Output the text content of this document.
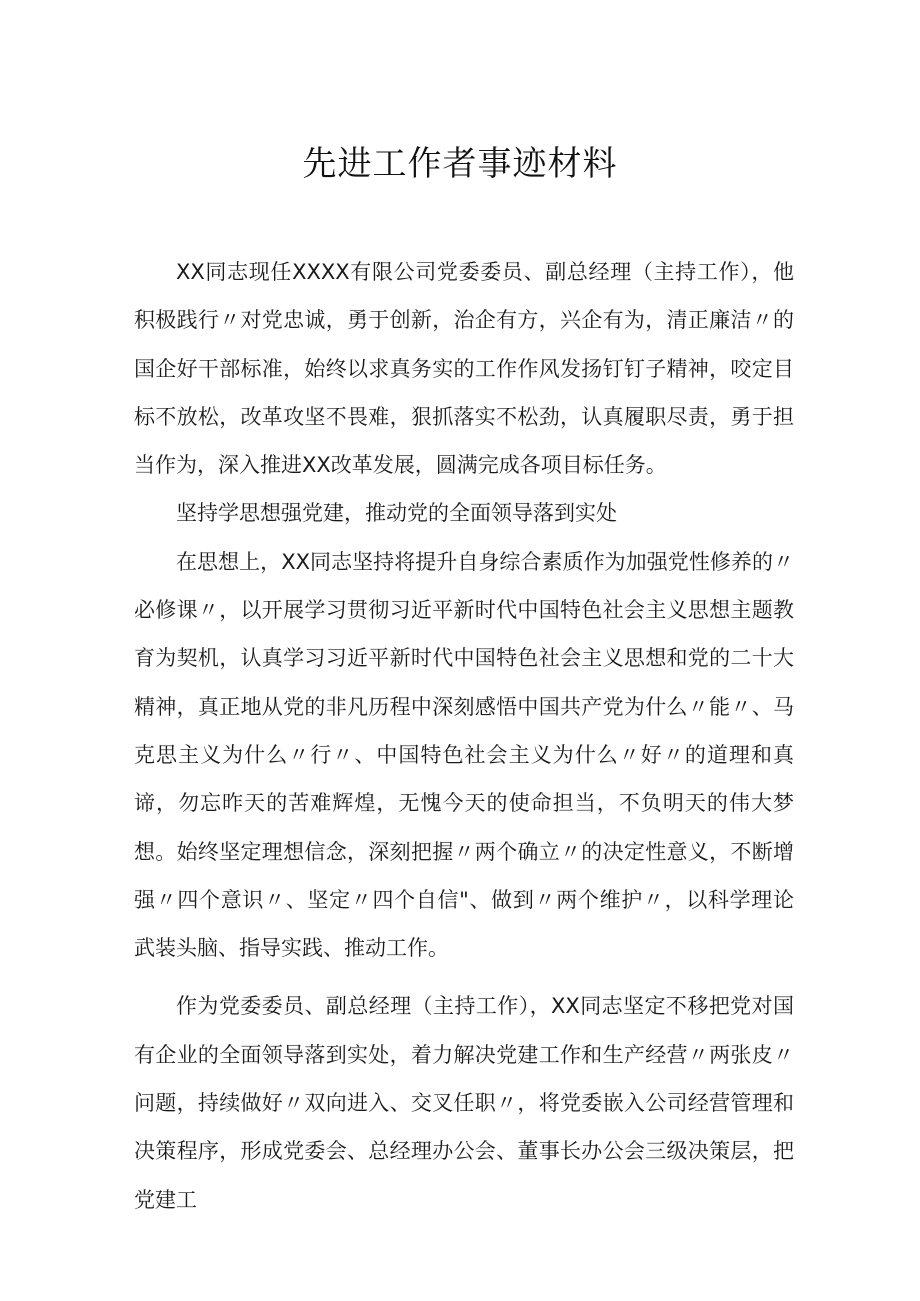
先进工作者事迹材料

XX同志现任XXXX有限公司党委委员、副总经理（主持工作），他积极践行〃对党忠诚，勇于创新，治企有方，兴企有为，清正廉洁〃的国企好干部标准，始终以求真务实的工作作风发扬钉钉子精神，咬定目标不放松，改革攻坚不畏难，狠抓落实不松劲，认真履职尽责，勇于担当作为，深入推进XX改革发展，圆满完成各项目标任务。

坚持学思想强党建，推动党的全面领导落到实处

在思想上，XX同志坚持将提升自身综合素质作为加强党性修养的〃必修课〃，以开展学习贯彻习近平新时代中国特色社会主义思想主题教育为契机，认真学习习近平新时代中国特色社会主义思想和党的二十大精神，真正地从党的非凡历程中深刻感悟中国共产党为什么〃能〃、马克思主义为什么〃行〃、中国特色社会主义为什么〃好〃的道理和真谛，勿忘昨天的苦难辉煌，无愧今天的使命担当，不负明天的伟大梦想。始终坚定理想信念，深刻把握〃两个确立〃的决定性意义，不断增强〃四个意识〃、坚定〃四个自信"、做到〃两个维护〃，以科学理论武装头脑、指导实践、推动工作。

作为党委委员、副总经理（主持工作），XX同志坚定不移把党对国有企业的全面领导落到实处，着力解决党建工作和生产经营〃两张皮〃问题，持续做好〃双向进入、交叉任职〃，将党委嵌入公司经营管理和决策程序，形成党委会、总经理办公会、董事长办公会三级决策层，把党建工
